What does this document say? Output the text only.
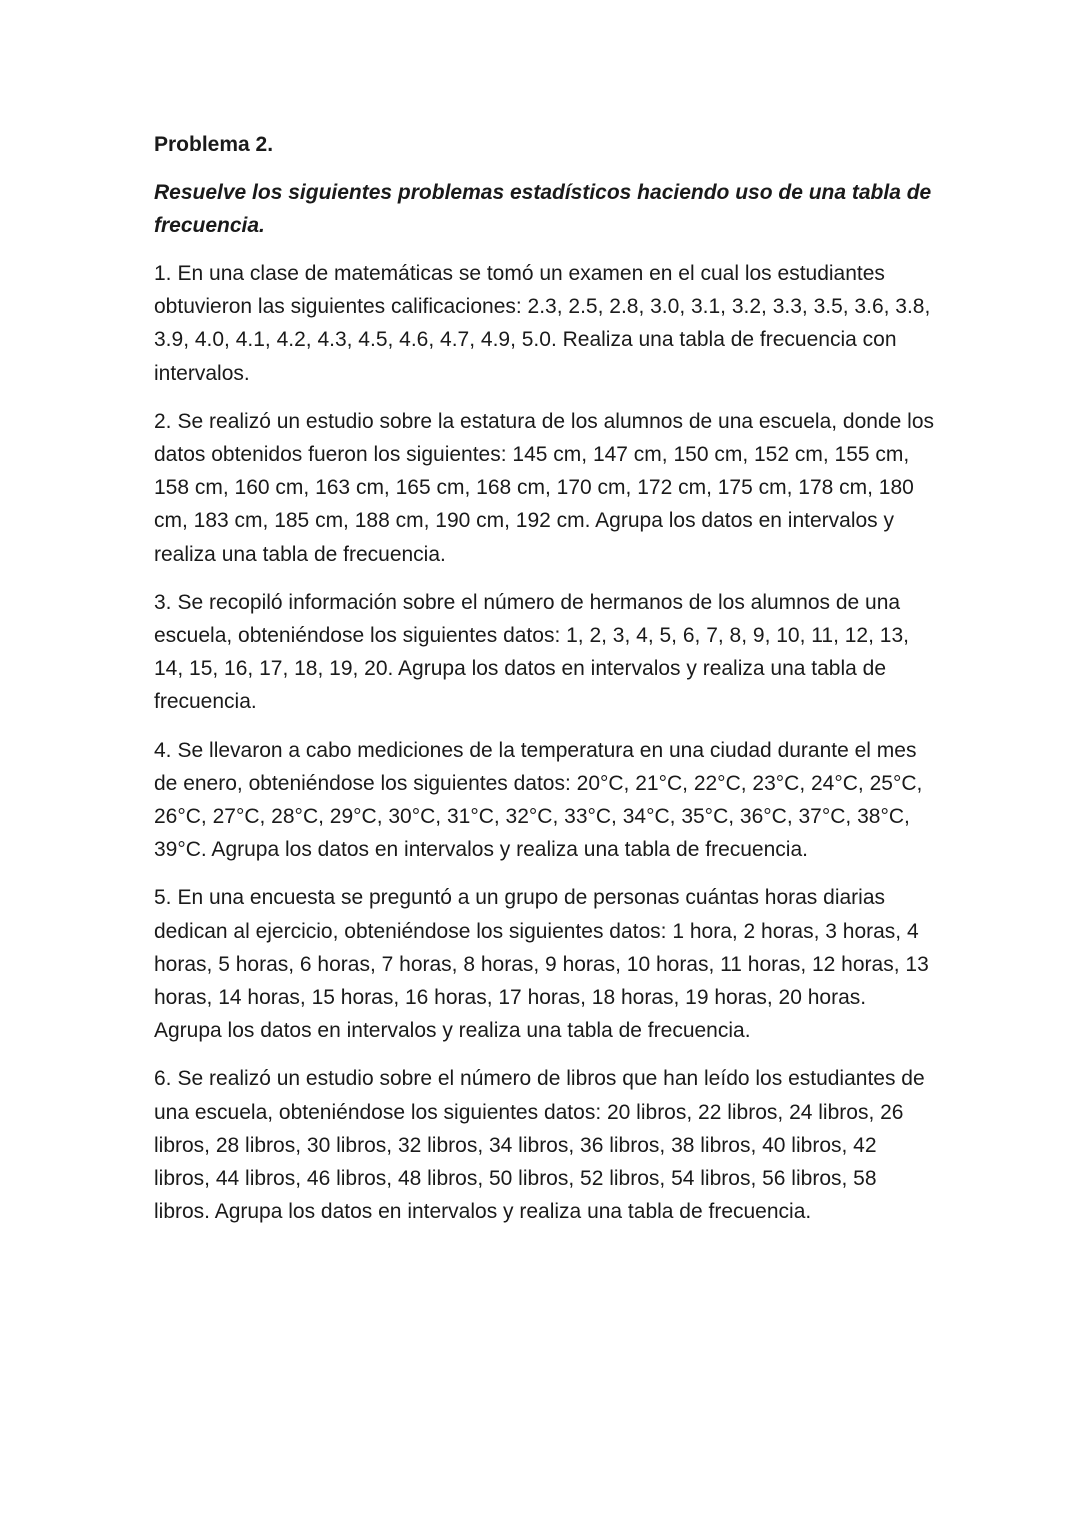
Problema 2.
Resuelve los siguientes problemas estadísticos haciendo uso de una tabla de frecuencia.
1. En una clase de matemáticas se tomó un examen en el cual los estudiantes obtuvieron las siguientes calificaciones: 2.3, 2.5, 2.8, 3.0, 3.1, 3.2, 3.3, 3.5, 3.6, 3.8, 3.9, 4.0, 4.1, 4.2, 4.3, 4.5, 4.6, 4.7, 4.9, 5.0. Realiza una tabla de frecuencia con intervalos.
2. Se realizó un estudio sobre la estatura de los alumnos de una escuela, donde los datos obtenidos fueron los siguientes: 145 cm, 147 cm, 150 cm, 152 cm, 155 cm, 158 cm, 160 cm, 163 cm, 165 cm, 168 cm, 170 cm, 172 cm, 175 cm, 178 cm, 180 cm, 183 cm, 185 cm, 188 cm, 190 cm, 192 cm. Agrupa los datos en intervalos y realiza una tabla de frecuencia.
3. Se recopiló información sobre el número de hermanos de los alumnos de una escuela, obteniéndose los siguientes datos: 1, 2, 3, 4, 5, 6, 7, 8, 9, 10, 11, 12, 13, 14, 15, 16, 17, 18, 19, 20. Agrupa los datos en intervalos y realiza una tabla de frecuencia.
4. Se llevaron a cabo mediciones de la temperatura en una ciudad durante el mes de enero, obteniéndose los siguientes datos: 20°C, 21°C, 22°C, 23°C, 24°C, 25°C, 26°C, 27°C, 28°C, 29°C, 30°C, 31°C, 32°C, 33°C, 34°C, 35°C, 36°C, 37°C, 38°C, 39°C. Agrupa los datos en intervalos y realiza una tabla de frecuencia.
5. En una encuesta se preguntó a un grupo de personas cuántas horas diarias dedican al ejercicio, obteniéndose los siguientes datos: 1 hora, 2 horas, 3 horas, 4 horas, 5 horas, 6 horas, 7 horas, 8 horas, 9 horas, 10 horas, 11 horas, 12 horas, 13 horas, 14 horas, 15 horas, 16 horas, 17 horas, 18 horas, 19 horas, 20 horas. Agrupa los datos en intervalos y realiza una tabla de frecuencia.
6. Se realizó un estudio sobre el número de libros que han leído los estudiantes de una escuela, obteniéndose los siguientes datos: 20 libros, 22 libros, 24 libros, 26 libros, 28 libros, 30 libros, 32 libros, 34 libros, 36 libros, 38 libros, 40 libros, 42 libros, 44 libros, 46 libros, 48 libros, 50 libros, 52 libros, 54 libros, 56 libros, 58 libros. Agrupa los datos en intervalos y realiza una tabla de frecuencia.
